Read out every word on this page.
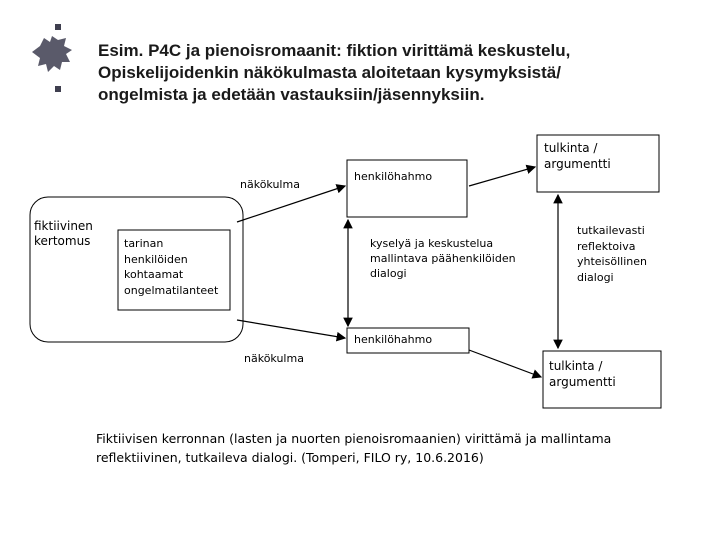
Esim. P4C ja pienoisromaanit: fiktion virittämä keskustelu,
Opiskelijoidenkin näkökulmasta aloitetaan kysymyksistä/
ongelmista ja edetään vastauksiin/jäsennyksiin.
fiktiivinen
kertomus	tarinan
henkilöiden
kohtaamat
ongelmatilanteet
näkökulma
näkökulma
henkilöhahmo
henkilöhahmo
kyselyä ja keskustelua
mallintava päähenkilöiden
dialogi
tulkinta /
argumentti
tulkinta /
argumentti
tutkailevasti
reflektoiva
yhteisöllinen
dialogi
Fiktiivisen kerronnan (lasten ja nuorten pienoisromaanien) virittämä ja mallintama
reflektiivinen, tutkaileva dialogi. (Tomperi, FILO ry, 10.6.2016)
